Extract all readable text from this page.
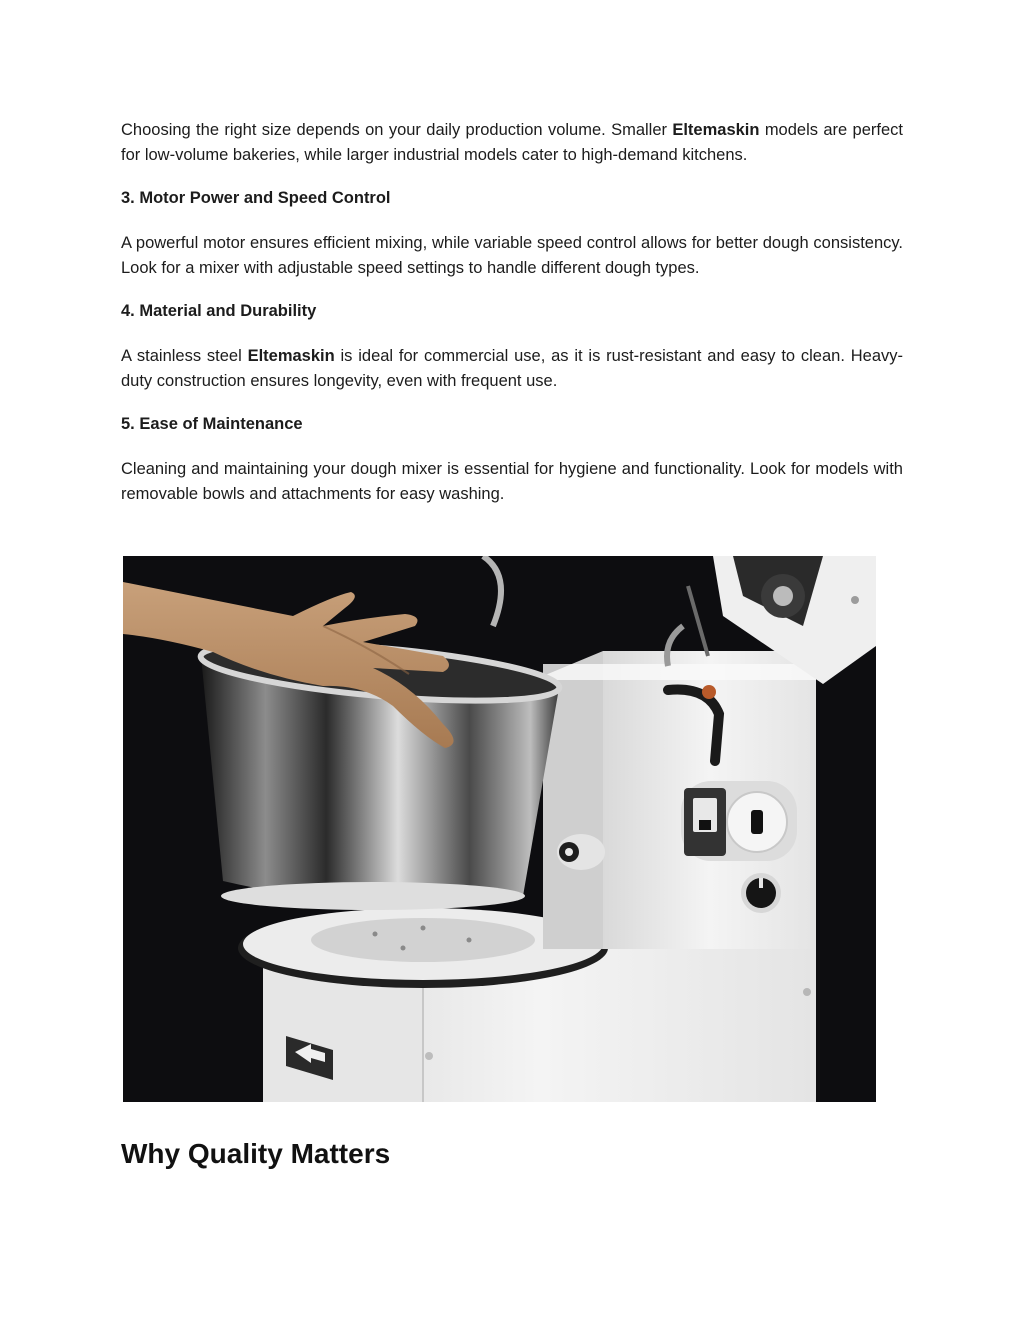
Choosing the right size depends on your daily production volume. Smaller Eltemaskin models are perfect for low-volume bakeries, while larger industrial models cater to high-demand kitchens.

3. Motor Power and Speed Control

A powerful motor ensures efficient mixing, while variable speed control allows for better dough consistency. Look for a mixer with adjustable speed settings to handle different dough types.

4. Material and Durability

A stainless steel Eltemaskin is ideal for commercial use, as it is rust-resistant and easy to clean. Heavy-duty construction ensures longevity, even with frequent use.

5. Ease of Maintenance

Cleaning and maintaining your dough mixer is essential for hygiene and functionality. Look for models with removable bowls and attachments for easy washing.

Why Quality Matters
